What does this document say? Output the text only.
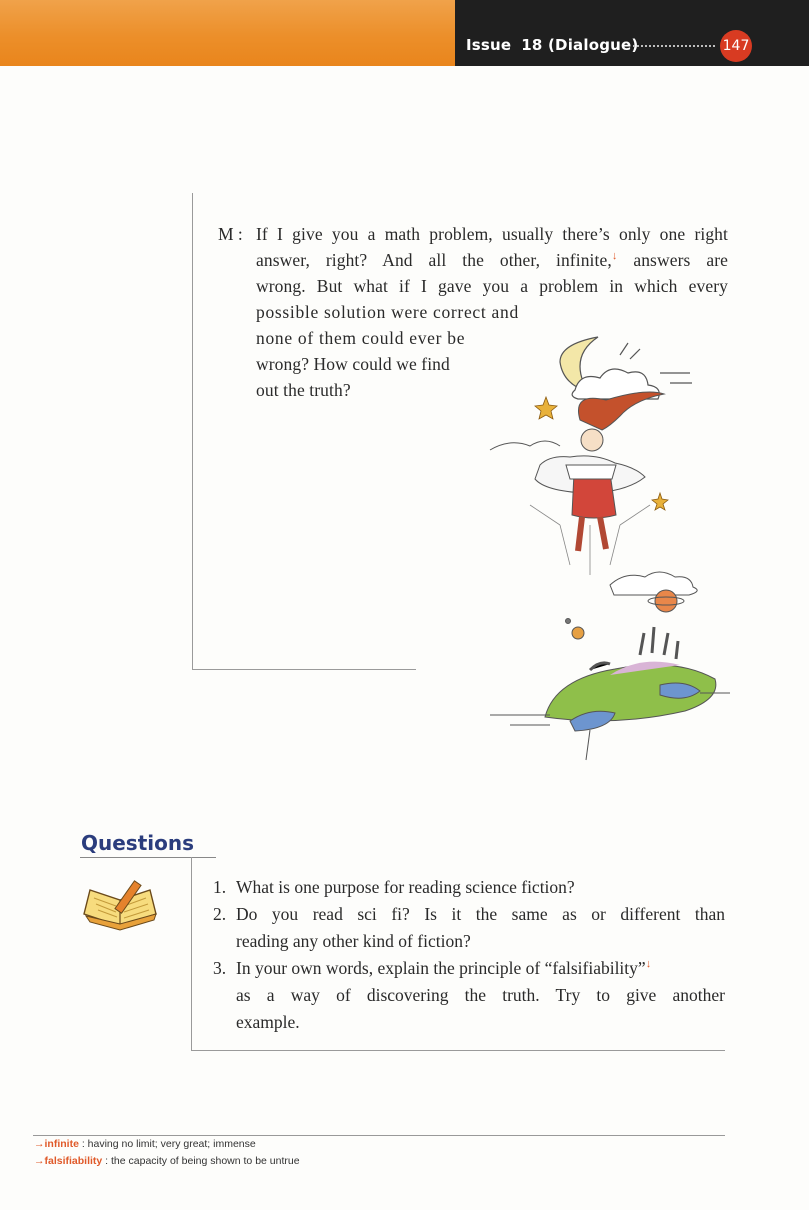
Issue 18 (Dialogue)	147
M : If I give you a math problem, usually there’s only one right
answer, right? And all the other, infinite,↓ answers are
wrong. But what if I gave you a problem in which every
possible solution were correct and
none of them could ever be
wrong? How could we find
out the truth?
Questions
1. What is one purpose for reading science fiction?
2. Do you read sci fi? Is it the same as or different than
reading any other kind of fiction?
3. In your own words, explain the principle of “falsifiability”↓
as a way of discovering the truth. Try to give another
example.
→infinite : having no limit; very great; immense
→falsifiability : the capacity of being shown to be untrue
